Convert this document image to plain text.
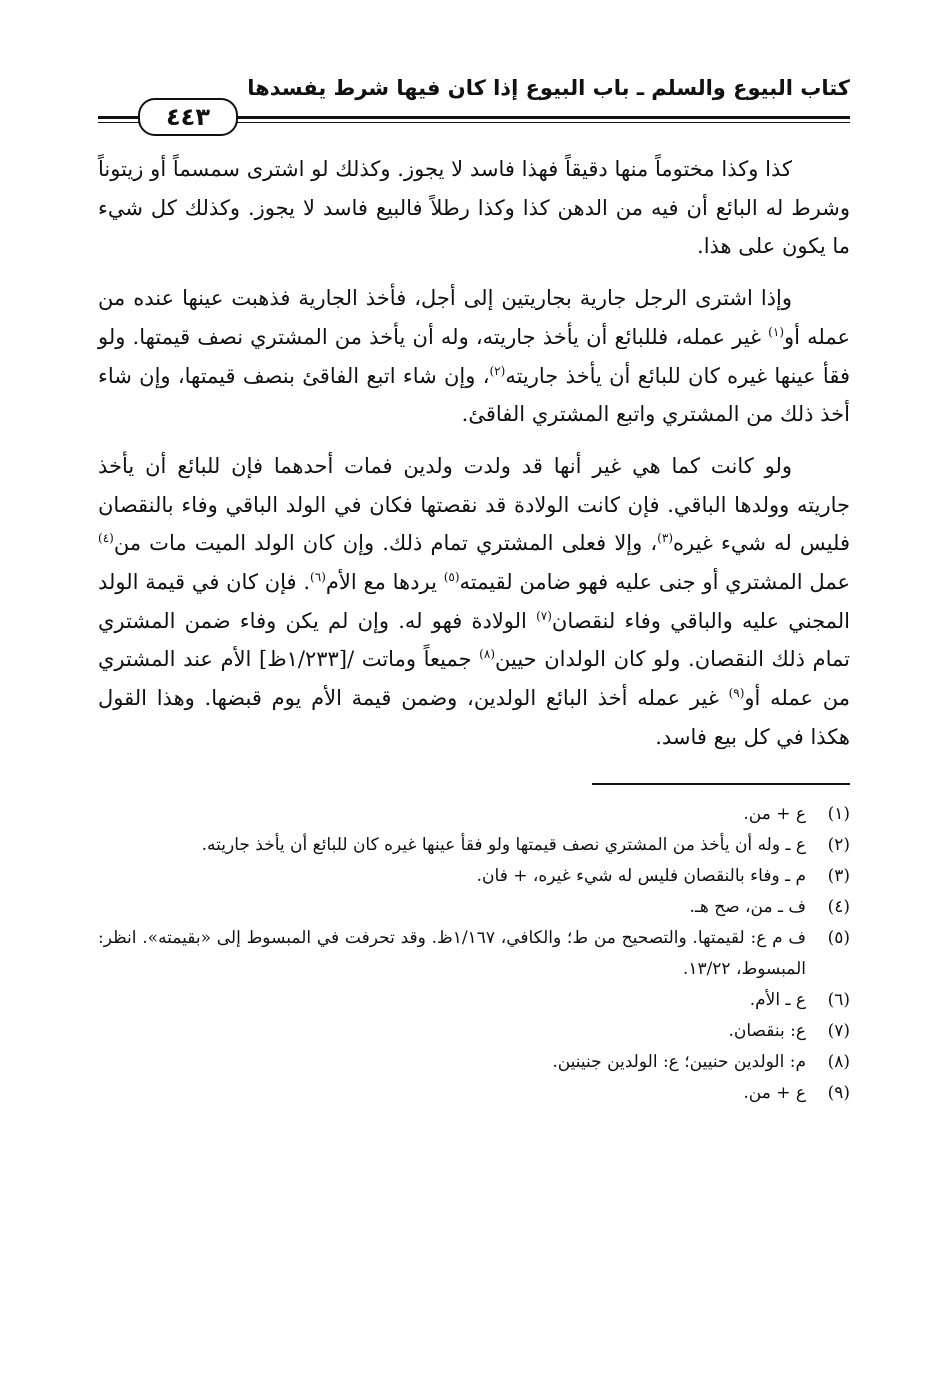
كتاب البيوع والسلم ـ باب البيوع إذا كان فيها شرط يفسدها
٤٤٣

كذا وكذا مختوماً منها دقيقاً فهذا فاسد لا يجوز. وكذلك لو اشترى سمسماً أو زيتوناً وشرط له البائع أن فيه من الدهن كذا وكذا رطلاً فالبيع فاسد لا يجوز. وكذلك كل شيء ما يكون على هذا.

وإذا اشترى الرجل جارية بجاريتين إلى أجل، فأخذ الجارية فذهبت عينها عنده من عمله أو$^{(١)}$ غير عمله، فللبائع أن يأخذ جاريته، وله أن يأخذ من المشتري نصف قيمتها. ولو فقأ عينها غيره كان للبائع أن يأخذ جاريته$^{(٢)}$، وإن شاء اتبع الفاقئ بنصف قيمتها، وإن شاء أخذ ذلك من المشتري واتبع المشتري الفاقئ.

ولو كانت كما هي غير أنها قد ولدت ولدين فمات أحدهما فإن للبائع أن يأخذ جاريته وولدها الباقي. فإن كانت الولادة قد نقصتها فكان في الولد الباقي وفاء بالنقصان فليس له شيء غيره$^{(٣)}$، وإلا فعلى المشتري تمام ذلك. وإن كان الولد الميت مات من$^{(٤)}$ عمل المشتري أو جنى عليه فهو ضامن لقيمته$^{(٥)}$ يردها مع الأم$^{(٦)}$. فإن كان في قيمة الولد المجني عليه والباقي وفاء لنقصان$^{(٧)}$ الولادة فهو له. وإن لم يكن وفاء ضمن المشتري تمام ذلك النقصان. ولو كان الولدان حيين$^{(٨)}$ جميعاً وماتت /[١/٢٣٣ظ] الأم عند المشتري من عمله أو$^{(٩)}$ غير عمله أخذ البائع الولدين، وضمن قيمة الأم يوم قبضها. وهذا القول هكذا في كل بيع فاسد.

(١)
ع + من.
(٢)
ع ـ وله أن يأخذ من المشتري نصف قيمتها ولو فقأ عينها غيره كان للبائع أن يأخذ جاريته.
(٣)
م ـ وفاء بالنقصان فليس له شيء غيره، + فان.
(٤)
ف ـ من، صح هـ.
(٥)
ف م ع: لقيمتها. والتصحيح من ط؛ والكافي، ١/١٦٧ظ. وقد تحرفت في المبسوط إلى «بقيمته». انظر: المبسوط، ١٣/٢٢.
(٦)
ع ـ الأم.
(٧)
ع: بنقصان.
(٨)
م: الولدين حنيين؛ ع: الولدين جنينين.
(٩)
ع + من.
